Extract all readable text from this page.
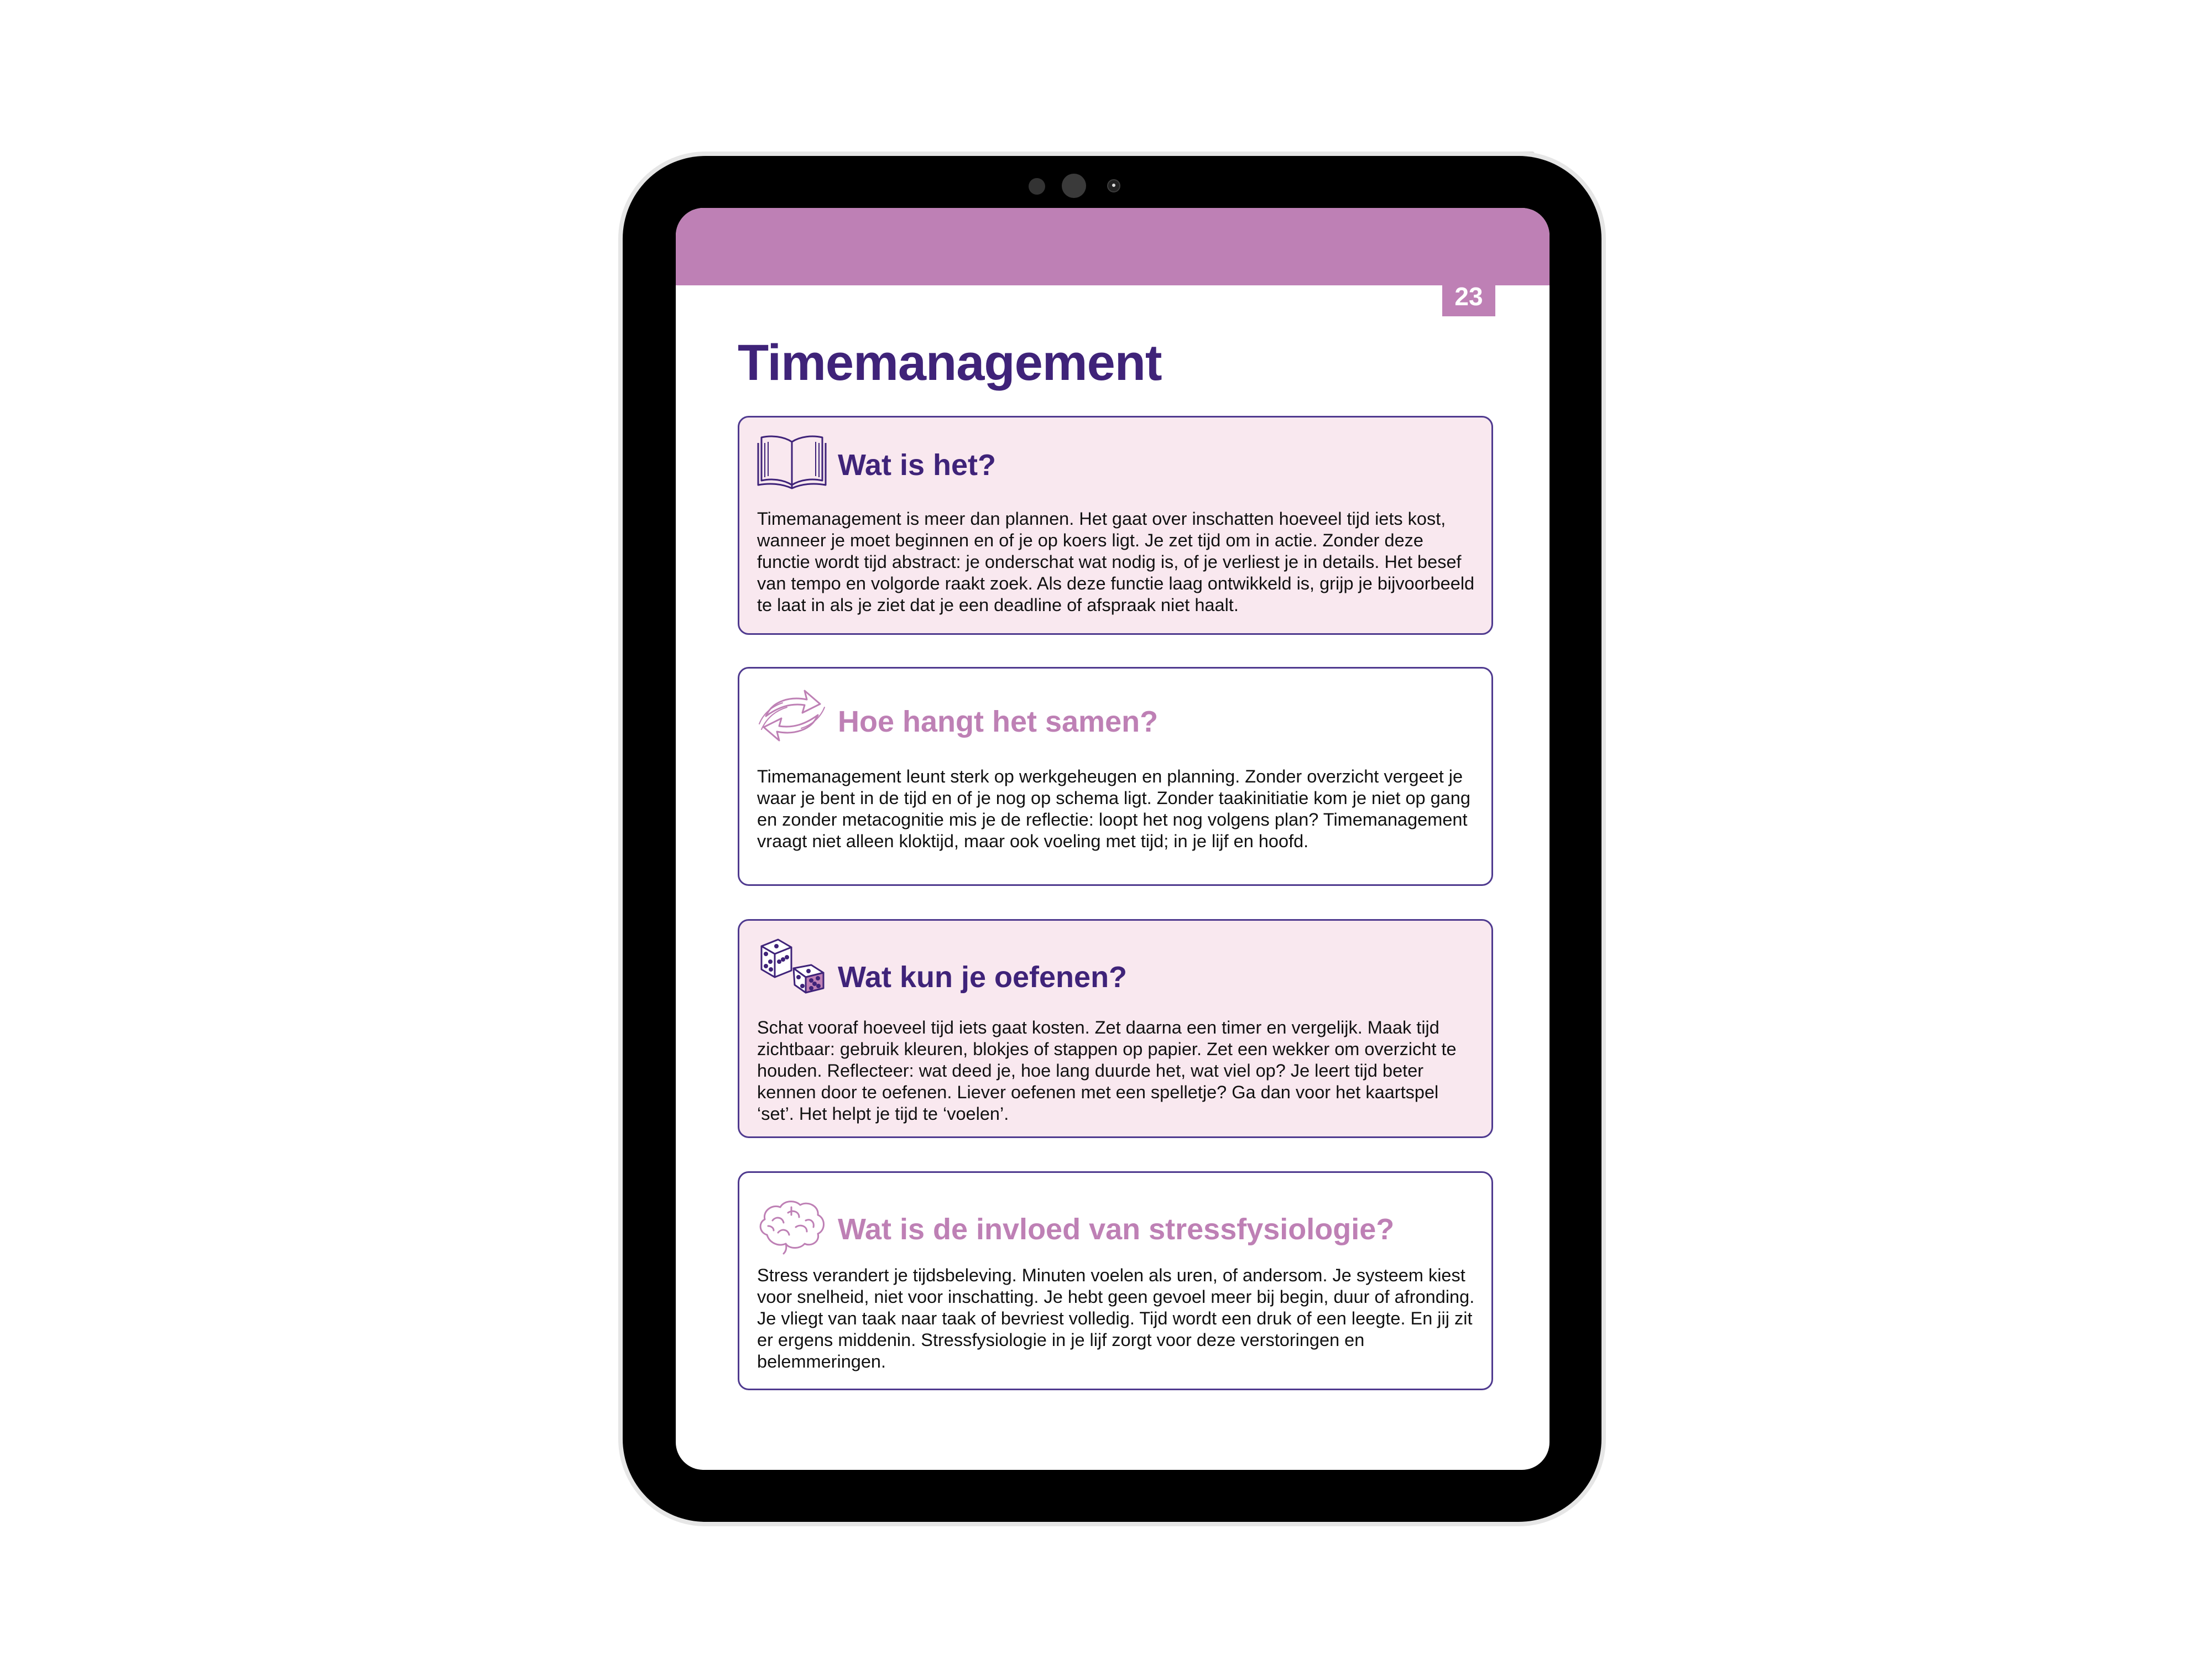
23
Timemanagement
Wat is het?

Timemanagement is meer dan plannen. Het gaat over inschatten hoeveel tijd iets kost, wanneer je moet beginnen en of je op koers ligt. Je zet tijd om in actie. Zonder deze functie wordt tijd abstract: je onderschat wat nodig is, of je verliest je in details. Het besef van tempo en volgorde raakt zoek. Als deze functie laag ontwikkeld is, grijp je bijvoorbeeld te laat in als je ziet dat je een deadline of afspraak niet haalt.

Hoe hangt het samen?

Timemanagement leunt sterk op werkgeheugen en planning. Zonder overzicht vergeet je waar je bent in de tijd en of je nog op schema ligt. Zonder taakinitiatie kom je niet op gang en zonder metacognitie mis je de reflectie: loopt het nog volgens plan? Timemanagement vraagt niet alleen kloktijd, maar ook voeling met tijd; in je lijf en hoofd.

Wat kun je oefenen?

Schat vooraf hoeveel tijd iets gaat kosten. Zet daarna een timer en vergelijk. Maak tijd zichtbaar: gebruik kleuren, blokjes of stappen op papier. Zet een wekker om overzicht te houden. Reflecteer: wat deed je, hoe lang duurde het, wat viel op? Je leert tijd beter kennen door te oefenen. Liever oefenen met een spelletje? Ga dan voor het kaartspel ‘set’. Het helpt je tijd te ‘voelen’.

Wat is de invloed van stressfysiologie?

Stress verandert je tijdsbeleving. Minuten voelen als uren, of andersom. Je systeem kiest voor snelheid, niet voor inschatting. Je hebt geen gevoel meer bij begin, duur of afronding. Je vliegt van taak naar taak of bevriest volledig. Tijd wordt een druk of een leegte. En jij zit er ergens middenin. Stressfysiologie in je lijf zorgt voor deze verstoringen en belemmeringen.
